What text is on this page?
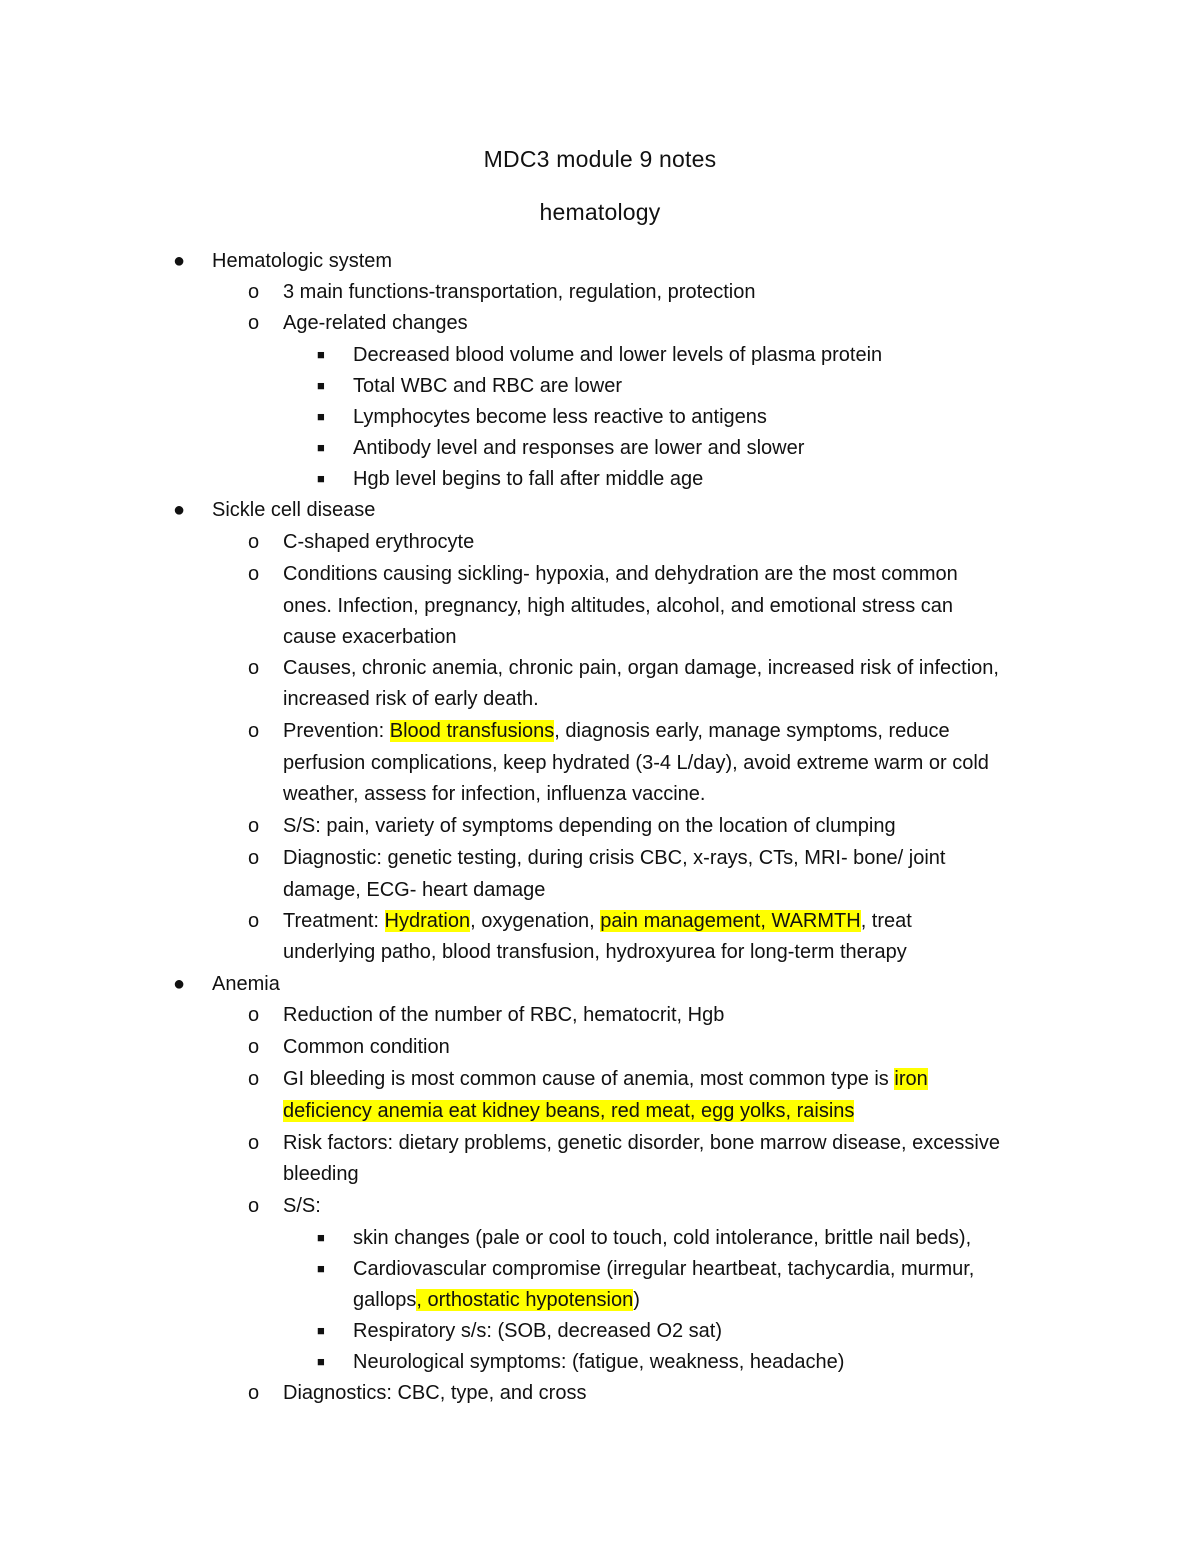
MDC3 module 9 notes
hematology
● Hematologic system
o 3 main functions-transportation, regulation, protection
o Age-related changes
■ Decreased blood volume and lower levels of plasma protein
■ Total WBC and RBC are lower
■ Lymphocytes become less reactive to antigens
■ Antibody level and responses are lower and slower
■ Hgb level begins to fall after middle age
● Sickle cell disease
o C-shaped erythrocyte
o Conditions causing sickling- hypoxia, and dehydration are the most common
ones. Infection, pregnancy, high altitudes, alcohol, and emotional stress can
cause exacerbation
o Causes, chronic anemia, chronic pain, organ damage, increased risk of infection,
increased risk of early death.
o Prevention: Blood transfusions, diagnosis early, manage symptoms, reduce
perfusion complications, keep hydrated (3-4 L/day), avoid extreme warm or cold
weather, assess for infection, influenza vaccine.
o S/S: pain, variety of symptoms depending on the location of clumping
o Diagnostic: genetic testing, during crisis CBC, x-rays, CTs, MRI- bone/ joint
damage, ECG- heart damage
o Treatment: Hydration, oxygenation, pain management, WARMTH, treat
underlying patho, blood transfusion, hydroxyurea for long-term therapy
● Anemia
o Reduction of the number of RBC, hematocrit, Hgb
o Common condition
o GI bleeding is most common cause of anemia, most common type is iron
deficiency anemia eat kidney beans, red meat, egg yolks, raisins
o Risk factors: dietary problems, genetic disorder, bone marrow disease, excessive
bleeding
o S/S:
■ skin changes (pale or cool to touch, cold intolerance, brittle nail beds),
■ Cardiovascular compromise (irregular heartbeat, tachycardia, murmur,
gallops, orthostatic hypotension)
■ Respiratory s/s: (SOB, decreased O2 sat)
■ Neurological symptoms: (fatigue, weakness, headache)
o Diagnostics: CBC, type, and cross
